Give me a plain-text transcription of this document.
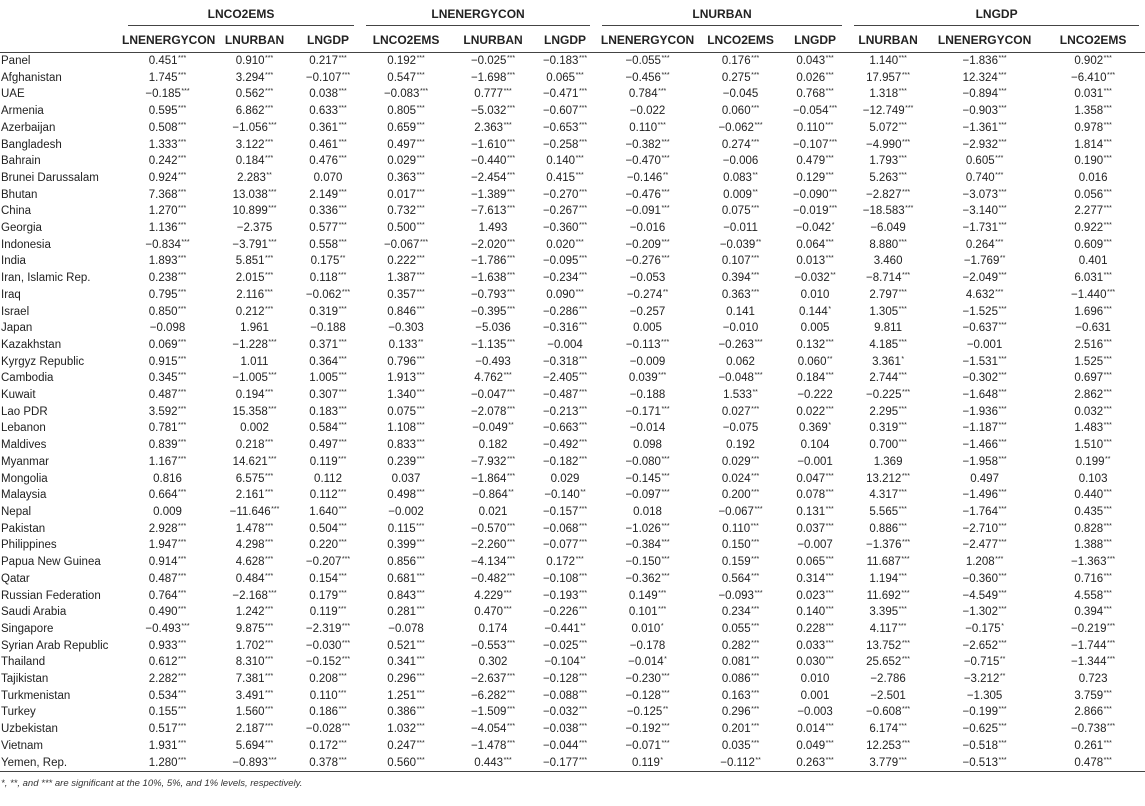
	LNCO2EMS			LNENERGYCON			LNURBAN			LNGDP		

	LNENERGYCON	LNURBAN	LNGDP	LNCO2EMS	LNURBAN	LNGDP	LNENERGYCON	LNCO2EMS	LNGDP	LNURBAN	LNENERGYCON	LNCO2EMS
Panel	0.451***	0.910***	0.217***	0.192***	−0.025***	−0.183***	−0.055***	0.176***	0.043***	1.140***	−1.836***	0.902***
Afghanistan	1.745***	3.294***	−0.107***	0.547***	−1.698***	0.065***	−0.456***	0.275***	0.026***	17.957***	12.324***	−6.410***
UAE	−0.185***	0.562***	0.038***	−0.083***	0.777***	−0.471***	0.784***	−0.045	0.768***	1.318***	−0.894***	0.031***
Armenia	0.595***	6.862***	0.633***	0.805***	−5.032***	−0.607***	−0.022	0.060***	−0.054***	−12.749***	−0.903***	1.358***
Azerbaijan	0.508***	−1.056***	0.361***	0.659***	2.363***	−0.653***	0.110***	−0.062***	0.110***	5.072***	−1.361***	0.978***
Bangladesh	1.333***	3.122***	0.461***	0.497***	−1.610***	−0.258***	−0.382***	0.274***	−0.107***	−4.990***	−2.932***	1.814***
Bahrain	0.242***	0.184***	0.476***	0.029***	−0.440***	0.140***	−0.470***	−0.006	0.479***	1.793***	0.605***	0.190***
Brunei Darussalam	0.924***	2.283**	0.070	0.363***	−2.454***	0.415***	−0.146**	0.083**	0.129***	5.263***	0.740***	0.016
Bhutan	7.368***	13.038***	2.149***	0.017***	−1.389***	−0.270***	−0.476***	0.009**	−0.090***	−2.827***	−3.073***	0.056***
China	1.270***	10.899***	0.336***	0.732***	−7.613***	−0.267***	−0.091***	0.075***	−0.019***	−18.583***	−3.140***	2.277***
Georgia	1.136***	−2.375	0.577***	0.500***	1.493	−0.360***	−0.016	−0.011	−0.042*	−6.049	−1.731***	0.922***
Indonesia	−0.834***	−3.791***	0.558***	−0.067***	−2.020***	0.020***	−0.209***	−0.039**	0.064***	8.880***	0.264***	0.609***
India	1.893***	5.851***	0.175**	0.222***	−1.786***	−0.095***	−0.276***	0.107***	0.013***	3.460	−1.769**	0.401
Iran, Islamic Rep.	0.238***	2.015***	0.118***	1.387***	−1.638***	−0.234***	−0.053	0.394***	−0.032**	−8.714***	−2.049***	6.031***
Iraq	0.795***	2.116***	−0.062***	0.357***	−0.793***	0.090***	−0.274**	0.363***	0.010	2.797***	4.632***	−1.440***
Israel	0.850***	0.212***	0.319***	0.846***	−0.395***	−0.286***	−0.257	0.141	0.144*	1.305***	−1.525***	1.696***
Japan	−0.098	1.961	−0.188	−0.303	−5.036	−0.316***	0.005	−0.010	0.005	9.811	−0.637***	−0.631
Kazakhstan	0.069***	−1.228***	0.371***	0.133**	−1.135***	−0.004	−0.113***	−0.263***	0.132***	4.185***	−0.001	2.516***
Kyrgyz Republic	0.915***	1.011	0.364***	0.796***	−0.493	−0.318***	−0.009	0.062	0.060**	3.361*	−1.531***	1.525***
Cambodia	0.345***	−1.005***	1.005***	1.913***	4.762***	−2.405***	0.039***	−0.048***	0.184***	2.744***	−0.302***	0.697***
Kuwait	0.487***	0.194***	0.307***	1.340***	−0.047***	−0.487***	−0.188	1.533**	−0.222	−0.225***	−1.648***	2.862***
Lao PDR	3.592***	15.358***	0.183***	0.075***	−2.078***	−0.213***	−0.171***	0.027***	0.022***	2.295***	−1.936***	0.032***
Lebanon	0.781***	0.002	0.584***	1.108***	−0.049**	−0.663***	−0.014	−0.075	0.369*	0.319***	−1.187***	1.483***
Maldives	0.839***	0.218***	0.497***	0.833***	0.182	−0.492***	0.098	0.192	0.104	0.700***	−1.466***	1.510***
Myanmar	1.167***	14.621***	0.119***	0.239***	−7.932***	−0.182***	−0.080***	0.029***	−0.001	1.369	−1.958***	0.199**
Mongolia	0.816	6.575***	0.112	0.037	−1.864***	0.029	−0.145***	0.024***	0.047***	13.212***	0.497	0.103
Malaysia	0.664***	2.161***	0.112***	0.498***	−0.864**	−0.140**	−0.097***	0.200***	0.078***	4.317***	−1.496***	0.440***
Nepal	0.009	−11.646***	1.640***	−0.002	0.021	−0.157***	0.018	−0.067***	0.131***	5.565***	−1.764***	0.435***
Pakistan	2.928***	1.478***	0.504***	0.115***	−0.570***	−0.068***	−1.026***	0.110***	0.037***	0.886***	−2.710***	0.828***
Philippines	1.947***	4.298***	0.220***	0.399***	−2.260***	−0.077***	−0.384***	0.150***	−0.007	−1.376***	−2.477***	1.388***
Papua New Guinea	0.914***	4.628***	−0.207***	0.856***	−4.134***	0.172***	−0.150***	0.159***	0.065***	11.687***	1.208***	−1.363***
Qatar	0.487***	0.484***	0.154***	0.681***	−0.482***	−0.108***	−0.362***	0.564***	0.314***	1.194***	−0.360***	0.716***
Russian Federation	0.764***	−2.168***	0.179***	0.843***	4.229***	−0.193***	0.149***	−0.093***	0.023***	11.692***	−4.549***	4.558***
Saudi Arabia	0.490***	1.242***	0.119***	0.281***	0.470***	−0.226***	0.101***	0.234***	0.140***	3.395***	−1.302***	0.394***
Singapore	−0.493***	9.875***	−2.319***	−0.078	0.174	−0.441**	0.010*	0.055***	0.228***	4.117***	−0.175*	−0.219***
Syrian Arab Republic	0.933***	1.702***	−0.030***	0.521***	−0.553***	−0.025***	−0.178	0.282***	0.033***	13.752***	−2.652***	−1.744***
Thailand	0.612***	8.310***	−0.152***	0.341***	0.302	−0.104**	−0.014*	0.081***	0.030***	25.652***	−0.715**	−1.344***
Tajikistan	2.282***	7.381***	0.208***	0.296***	−2.637***	−0.128***	−0.230***	0.086***	0.010	−2.786	−3.212**	0.723
Turkmenistan	0.534***	3.491***	0.110***	1.251***	−6.282***	−0.088***	−0.128***	0.163***	0.001	−2.501	−1.305	3.759***
Turkey	0.155***	1.560***	0.186***	0.386***	−1.509***	−0.032***	−0.125**	0.296***	−0.003	−0.608***	−0.199***	2.866***
Uzbekistan	0.517***	2.187***	−0.028***	1.032***	−4.054***	−0.038***	−0.192***	0.201***	0.014***	6.174***	−0.625***	−0.738***
Vietnam	1.931***	5.694***	0.172***	0.247***	−1.478***	−0.044***	−0.071***	0.035***	0.049***	12.253***	−0.518***	0.261***
Yemen, Rep.	1.280***	−0.893***	0.378***	0.560***	0.443***	−0.177***	0.119*	−0.112**	0.263***	3.779***	−0.513***	0.478***
*, **, and *** are significant at the 10%, 5%, and 1% levels, respectively.
